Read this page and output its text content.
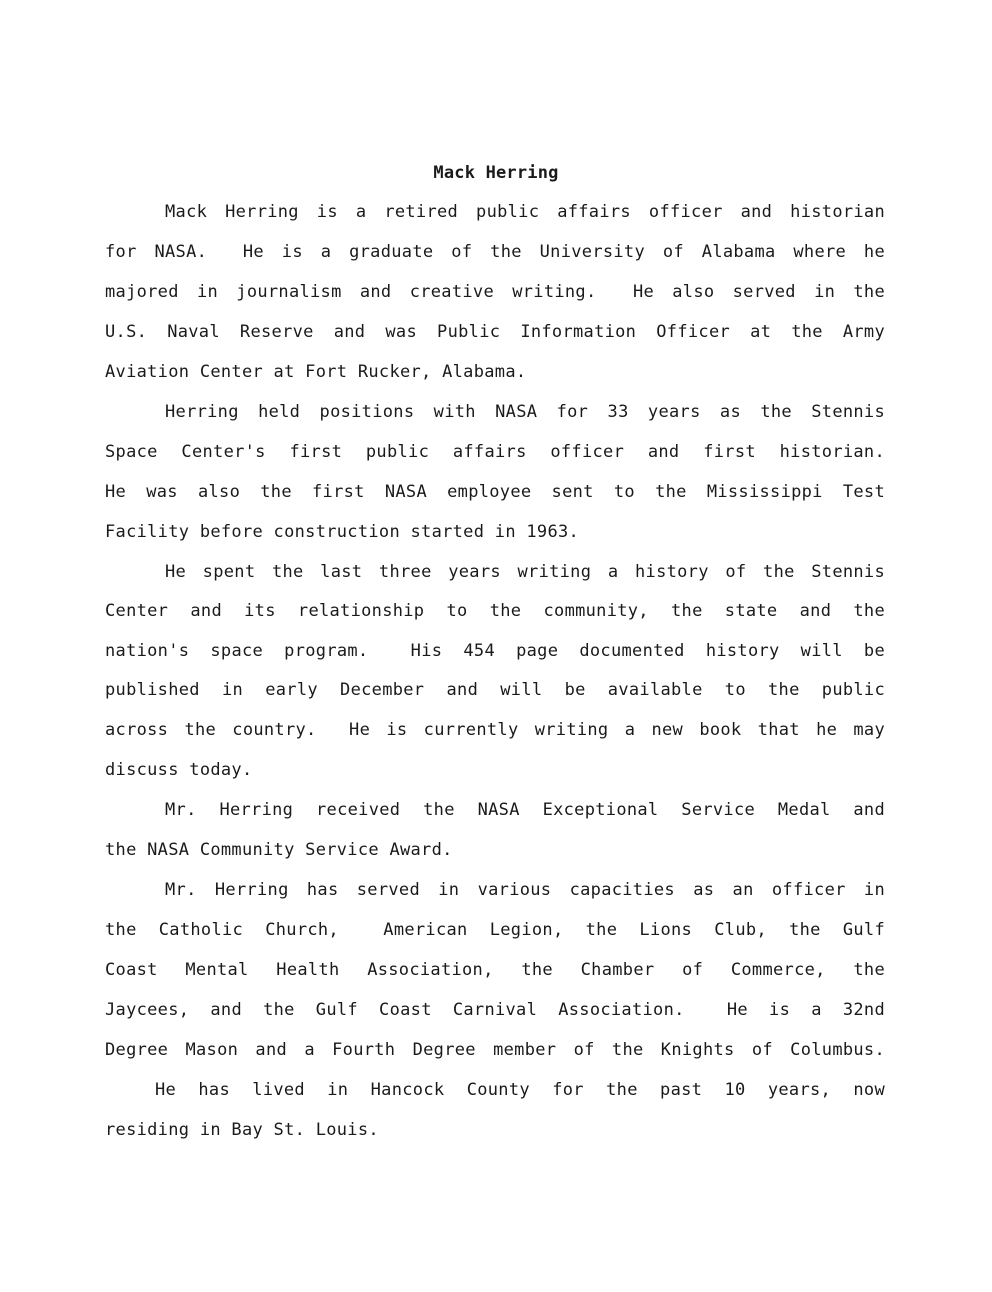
Mack Herring
Mack Herring is a retired public affairs officer and historian
for NASA.  He is a graduate of the University of Alabama where he
majored in journalism and creative writing.  He also served in the
U.S. Naval Reserve and was Public Information Officer at the Army
Aviation Center at Fort Rucker, Alabama.
Herring held positions with NASA for 33 years as the Stennis
Space Center's first public affairs officer and first historian.
He was also the first NASA employee sent to the Mississippi Test
Facility before construction started in 1963.
He spent the last three years writing a history of the Stennis
Center and its relationship to the community, the state and the
nation's space program.  His 454 page documented history will be
published in early December and will be available to the public
across the country.  He is currently writing a new book that he may
discuss today.
Mr. Herring received the NASA Exceptional Service Medal and
the NASA Community Service Award.
Mr. Herring has served in various capacities as an officer in
the Catholic Church,  American Legion, the Lions Club, the Gulf
Coast Mental Health Association, the Chamber of Commerce, the
Jaycees, and the Gulf Coast Carnival Association.  He is a 32nd
Degree Mason and a Fourth Degree member of the Knights of Columbus.
He has lived in Hancock County for the past 10 years, now
residing in Bay St. Louis.
